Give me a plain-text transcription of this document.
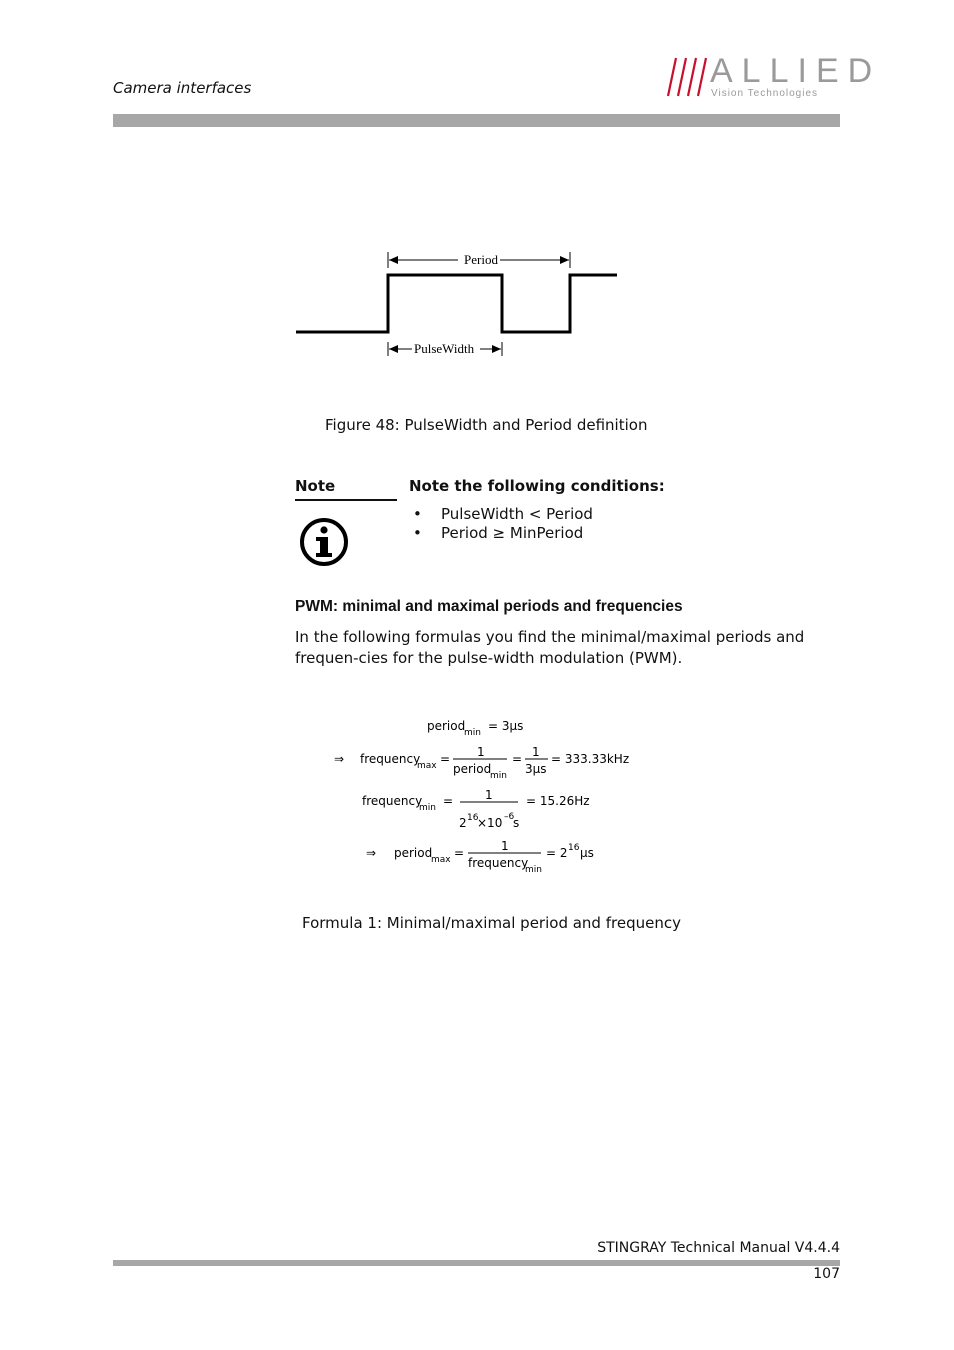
Camera interfaces	ALLIED
Vision Technologies
Period
PulseWidth
Figure 48: PulseWidth and Period definition
Note	Note the following conditions:
• PulseWidth < Period
• Period ≥ MinPeriod
PWM: minimal and maximal periods and frequencies
In the following formulas you find the minimal/maximal periods and frequen-cies for the pulse-width modulation (PWM).
period
min = 3µs
⇒ frequency
max = 1
period
min
= 1
3µs
= 333.33kHz
frequency
min =	1
2 16
×10 –6
s
= 15.26Hz
⇒ period
max =	1
frequency
min
= 2 16 µs
Formula 1: Minimal/maximal period and frequency
STINGRAY Technical Manual V4.4.4
107
